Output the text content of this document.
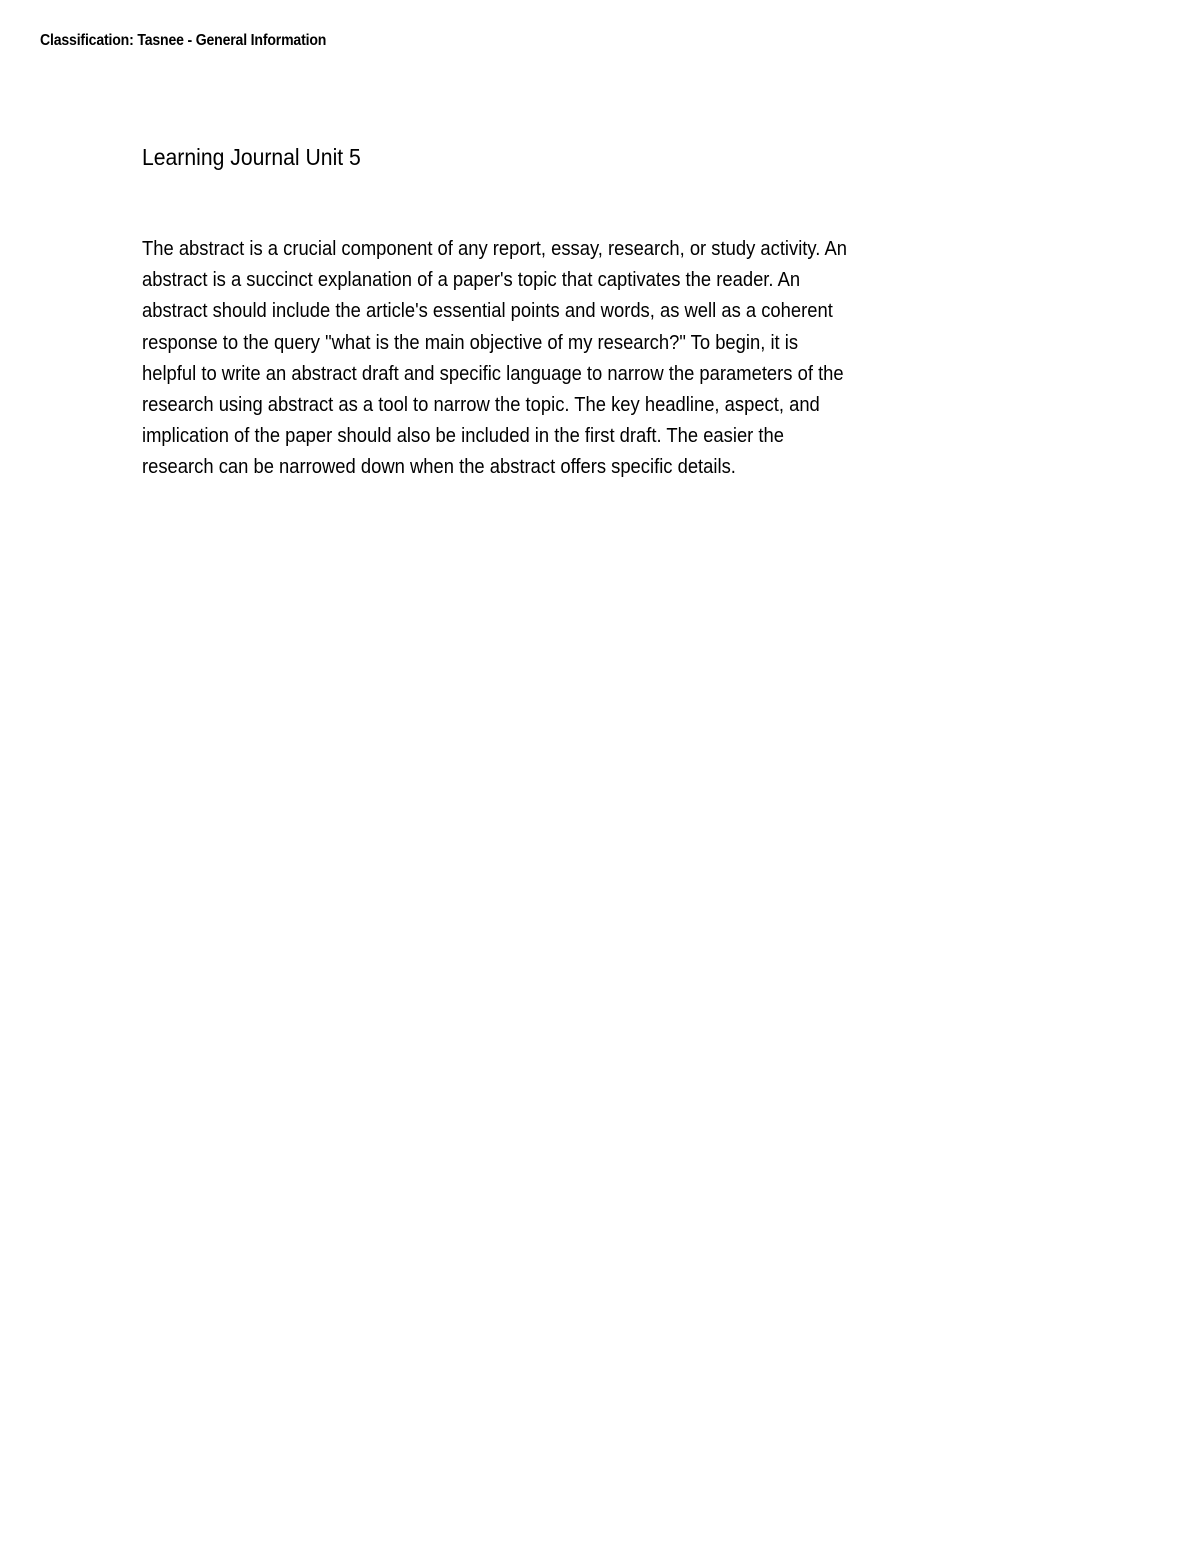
Classification: Tasnee - General Information
Learning Journal Unit 5

The abstract is a crucial component of any report, essay, research, or study activity. An
abstract is a succinct explanation of a paper's topic that captivates the reader. An
abstract should include the article's essential points and words, as well as a coherent
response to the query "what is the main objective of my research?" To begin, it is
helpful to write an abstract draft and specific language to narrow the parameters of the
research using abstract as a tool to narrow the topic. The key headline, aspect, and
implication of the paper should also be included in the first draft. The easier the
research can be narrowed down when the abstract offers specific details.
